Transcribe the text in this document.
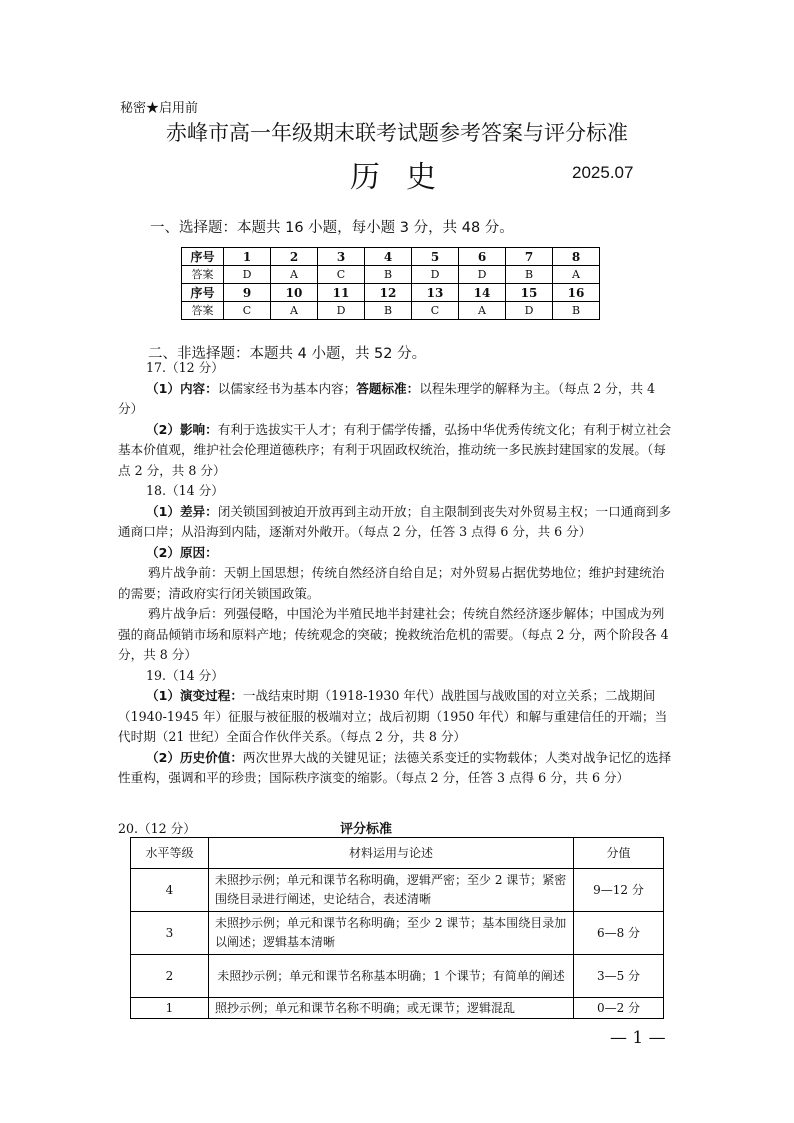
秘密★启用前
赤峰市高一年级期末联考试题参考答案与评分标准
历史	2025.07
一、选择题：本题共 16 小题，每小题 3 分，共 48 分。
序号	1	2	3	4	5	6	7	8
答案	D	A	C	B	D	D	B	A
序号	9	10	11	12	13	14	15	16
答案	C	A	D	B	C	A	D	B
二、非选择题：本题共 4 小题，共 52 分。

17.（12 分）

（1）内容：以儒家经书为基本内容；答题标准：以程朱理学的解释为主。（每点 2 分，共 4 分）

（2）影响：有利于选拔实干人才；有利于儒学传播，弘扬中华优秀传统文化；有利于树立社会基本价值观，维护社会伦理道德秩序；有利于巩固政权统治，推动统一多民族封建国家的发展。（每点 2 分，共 8 分）

18.（14 分）

（1）差异：闭关锁国到被迫开放再到主动开放；自主限制到丧失对外贸易主权；一口通商到多通商口岸；从沿海到内陆，逐渐对外敞开。（每点 2 分，任答 3 点得 6 分，共 6 分）

（2）原因：

鸦片战争前：天朝上国思想；传统自然经济自给自足；对外贸易占据优势地位；维护封建统治的需要；清政府实行闭关锁国政策。

鸦片战争后：列强侵略，中国沦为半殖民地半封建社会；传统自然经济逐步解体；中国成为列强的商品倾销市场和原料产地；传统观念的突破；挽救统治危机的需要。（每点 2 分，两个阶段各 4 分，共 8 分）

19.（14 分）

（1）演变过程：一战结束时期（1918-1930 年代）战胜国与战败国的对立关系；二战期间（1940-1945 年）征服与被征服的极端对立；战后初期（1950 年代）和解与重建信任的开端；当代时期（21 世纪）全面合作伙伴关系。（每点 2 分，共 8 分）

（2）历史价值：两次世界大战的关键见证；法德关系变迁的实物载体；人类对战争记忆的选择性重构，强调和平的珍贵；国际秩序演变的缩影。（每点 2 分，任答 3 点得 6 分，共 6 分）

20.（12 分）	评分标准
水平等级	材料运用与论述	分值
4	未照抄示例；单元和课节名称明确，逻辑严密；至少 2 课节；紧密围绕目录进行阐述，史论结合，表述清晰	9—12 分
3	未照抄示例；单元和课节名称明确；至少 2 课节；基本围绕目录加以阐述；逻辑基本清晰	6—8 分
2	未照抄示例；单元和课节名称基本明确；1 个课节；有简单的阐述	3—5 分
1	照抄示例；单元和课节名称不明确；或无课节；逻辑混乱	0—2 分
— 1 —
